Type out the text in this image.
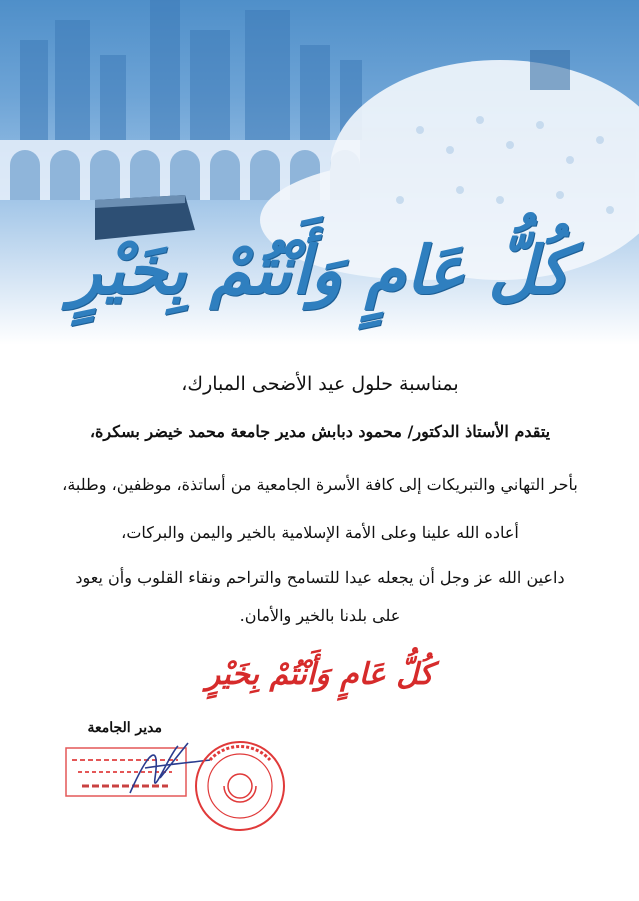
كُلُّ عَامٍ وَأَنْتُمْ بِخَيْرٍ

بمناسبة حلول عيد الأضحى المبارك،

يتقدم الأستاذ الدكتور/ محمود دبابش مدير جامعة محمد خيضر بسكرة،

بأحر التهاني والتبريكات إلى كافة الأسرة الجامعية من أساتذة، موظفين، وطلبة،

أعاده الله علينا وعلى الأمة الإسلامية بالخير واليمن والبركات،

داعين الله عز وجل أن يجعله عيدا للتسامح والتراحم ونقاء القلوب وأن يعود

على بلدنا بالخير والأمان.

كُلُّ عَامٍ وَأَنْتُمْ بِخَيْرٍ
مدير الجامعة
